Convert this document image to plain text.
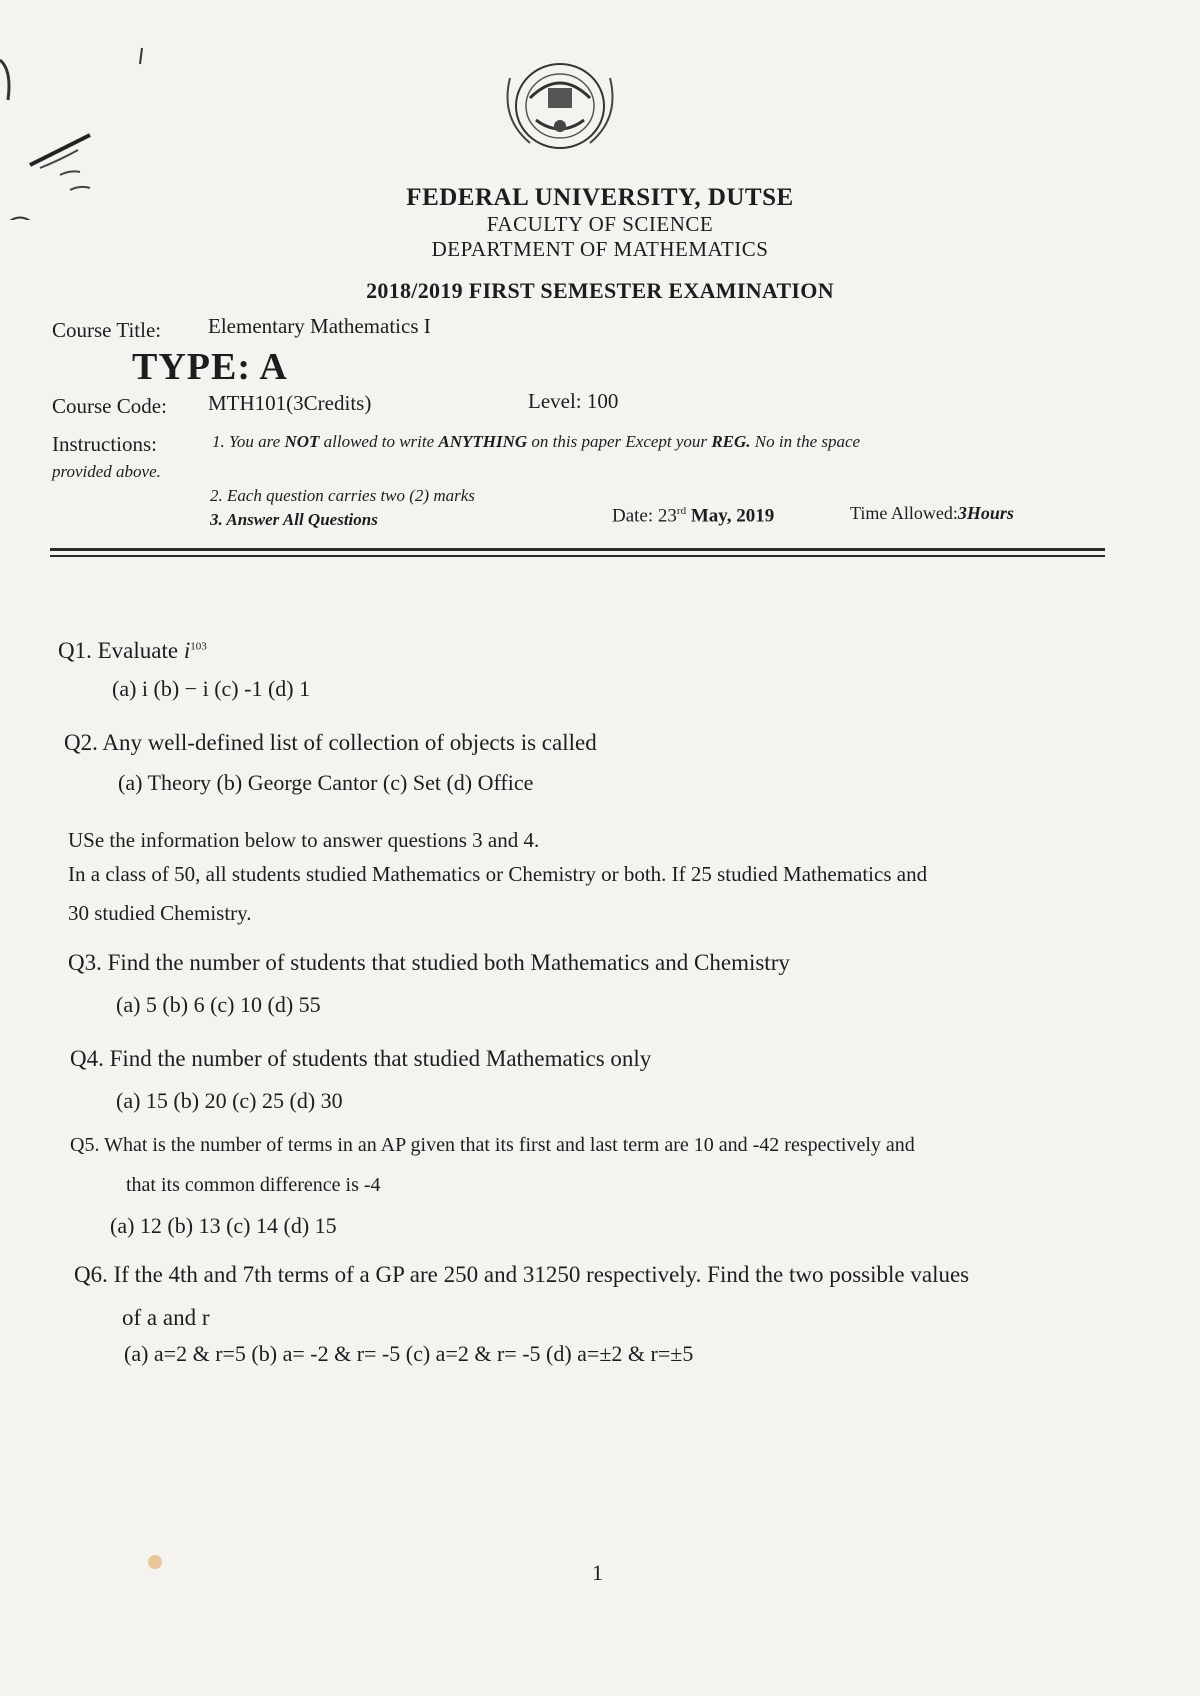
FEDERAL UNIVERSITY, DUTSE
FACULTY OF SCIENCE
DEPARTMENT OF MATHEMATICS
2018/2019 FIRST SEMESTER EXAMINATION
Course Title: Elementary Mathematics I
TYPE: A
Course Code: MTH101(3Credits)	Level: 100
Instructions:	1. You are NOT allowed to write ANYTHING on this paper Except your REG. No in the space
provided above.
2. Each question carries two (2) marks
3. Answer All Questions	Date: 23rd May, 2019	Time Allowed:3Hours
Q1. Evaluate $i^{103}$
(a) i (b) − i (c) -1 (d) 1
Q2. Any well-defined list of collection of objects is called
(a) Theory (b) George Cantor (c) Set (d) Office
USe the information below to answer questions 3 and 4.
In a class of 50, all students studied Mathematics or Chemistry or both. If 25 studied Mathematics and
30 studied Chemistry.
Q3. Find the number of students that studied both Mathematics and Chemistry
(a) 5 (b) 6 (c) 10 (d) 55
Q4. Find the number of students that studied Mathematics only
(a) 15 (b) 20 (c) 25 (d) 30
Q5. What is the number of terms in an AP given that its first and last term are 10 and -42 respectively and
that its common difference is -4
(a) 12 (b) 13 (c) 14 (d) 15
Q6. If the 4th and 7th terms of a GP are 250 and 31250 respectively. Find the two possible values
of a and r
(a) a=2 & r=5 (b) a= -2 & r= -5 (c) a=2 & r= -5 (d) a=±2 & r=±5
1
